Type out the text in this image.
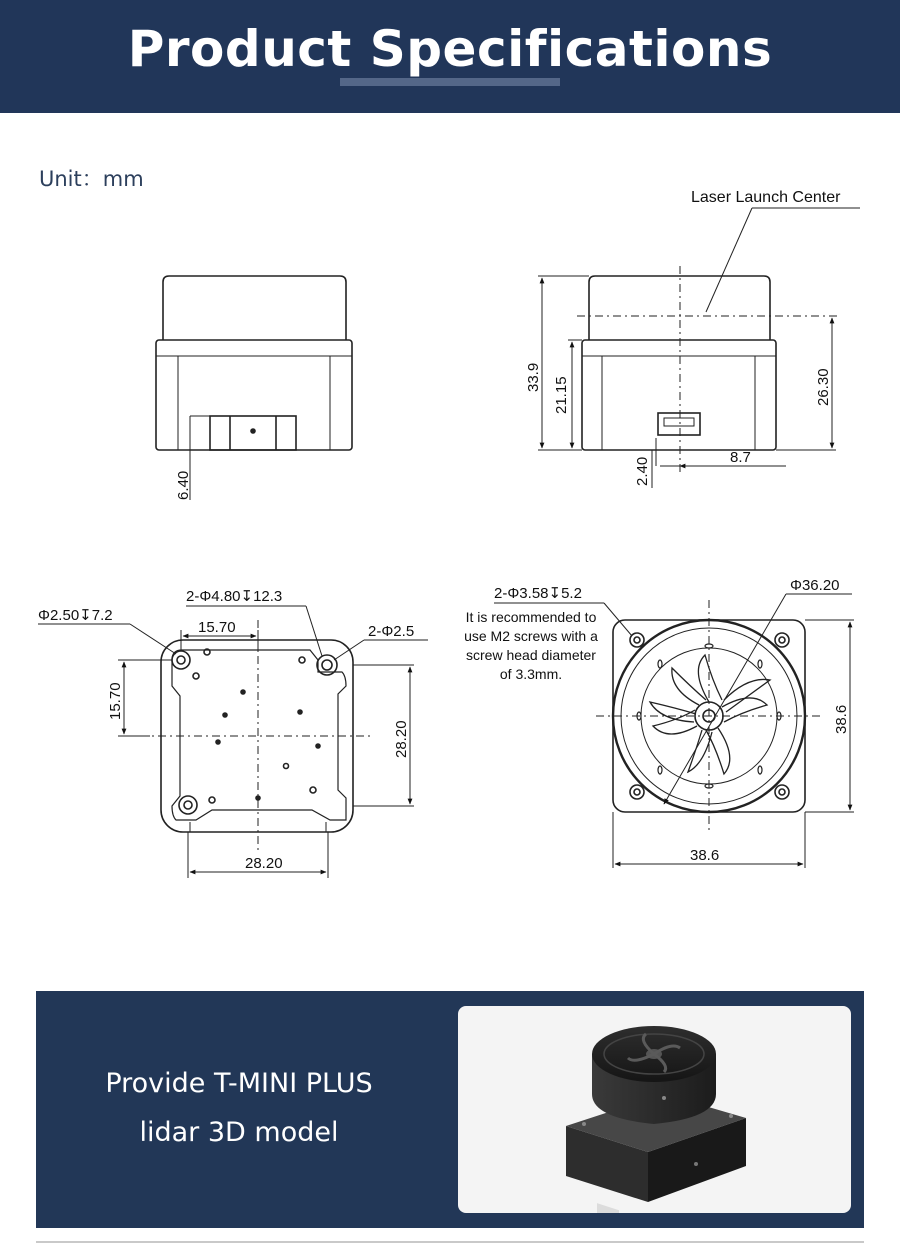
Product Specifications
Unit：mm
6.40
Laser Launch Center
33.9 21.15	26.30
2.40	8.7
Φ2.50↧7.2
2-Φ4.80↧12.3
2-Φ2.5
15.70
15.70
28.20
28.20
2-Φ3.58↧5.2
It is recommended to
use M2 screws with a
screw head diameter
of 3.3mm.
Φ36.20
38.6
38.6
Provide T-MINI PLUS
lidar 3D model
